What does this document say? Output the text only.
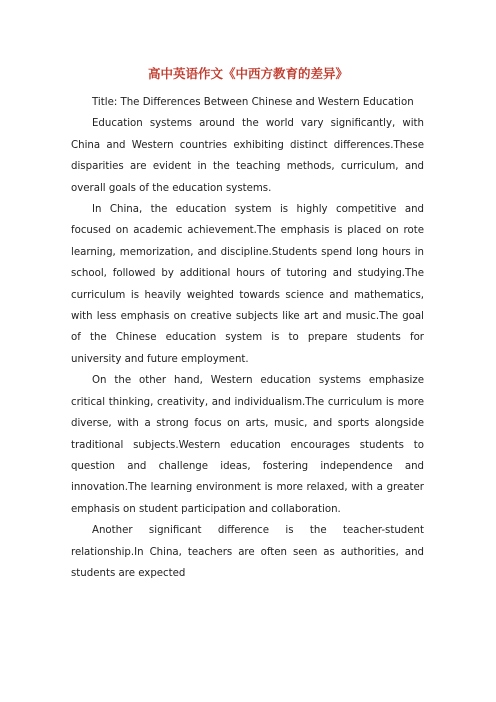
高中英语作文《中西方教育的差异》

Title: The Differences Between Chinese and Western Education

Education systems around the world vary significantly, with China and Western countries exhibiting distinct differences.These disparities are evident in the teaching methods, curriculum, and overall goals of the education systems.

In China, the education system is highly competitive and focused on academic achievement.The emphasis is placed on rote learning, memorization, and discipline.Students spend long hours in school, followed by additional hours of tutoring and studying.The curriculum is heavily weighted towards science and mathematics, with less emphasis on creative subjects like art and music.The goal of the Chinese education system is to prepare students for university and future employment.

On the other hand, Western education systems emphasize critical thinking, creativity, and individualism.The curriculum is more diverse, with a strong focus on arts, music, and sports alongside traditional subjects.Western education encourages students to question and challenge ideas, fostering independence and innovation.The learning environment is more relaxed, with a greater emphasis on student participation and collaboration.

Another significant difference is the teacher-student relationship.In China, teachers are often seen as authorities, and students are expected
